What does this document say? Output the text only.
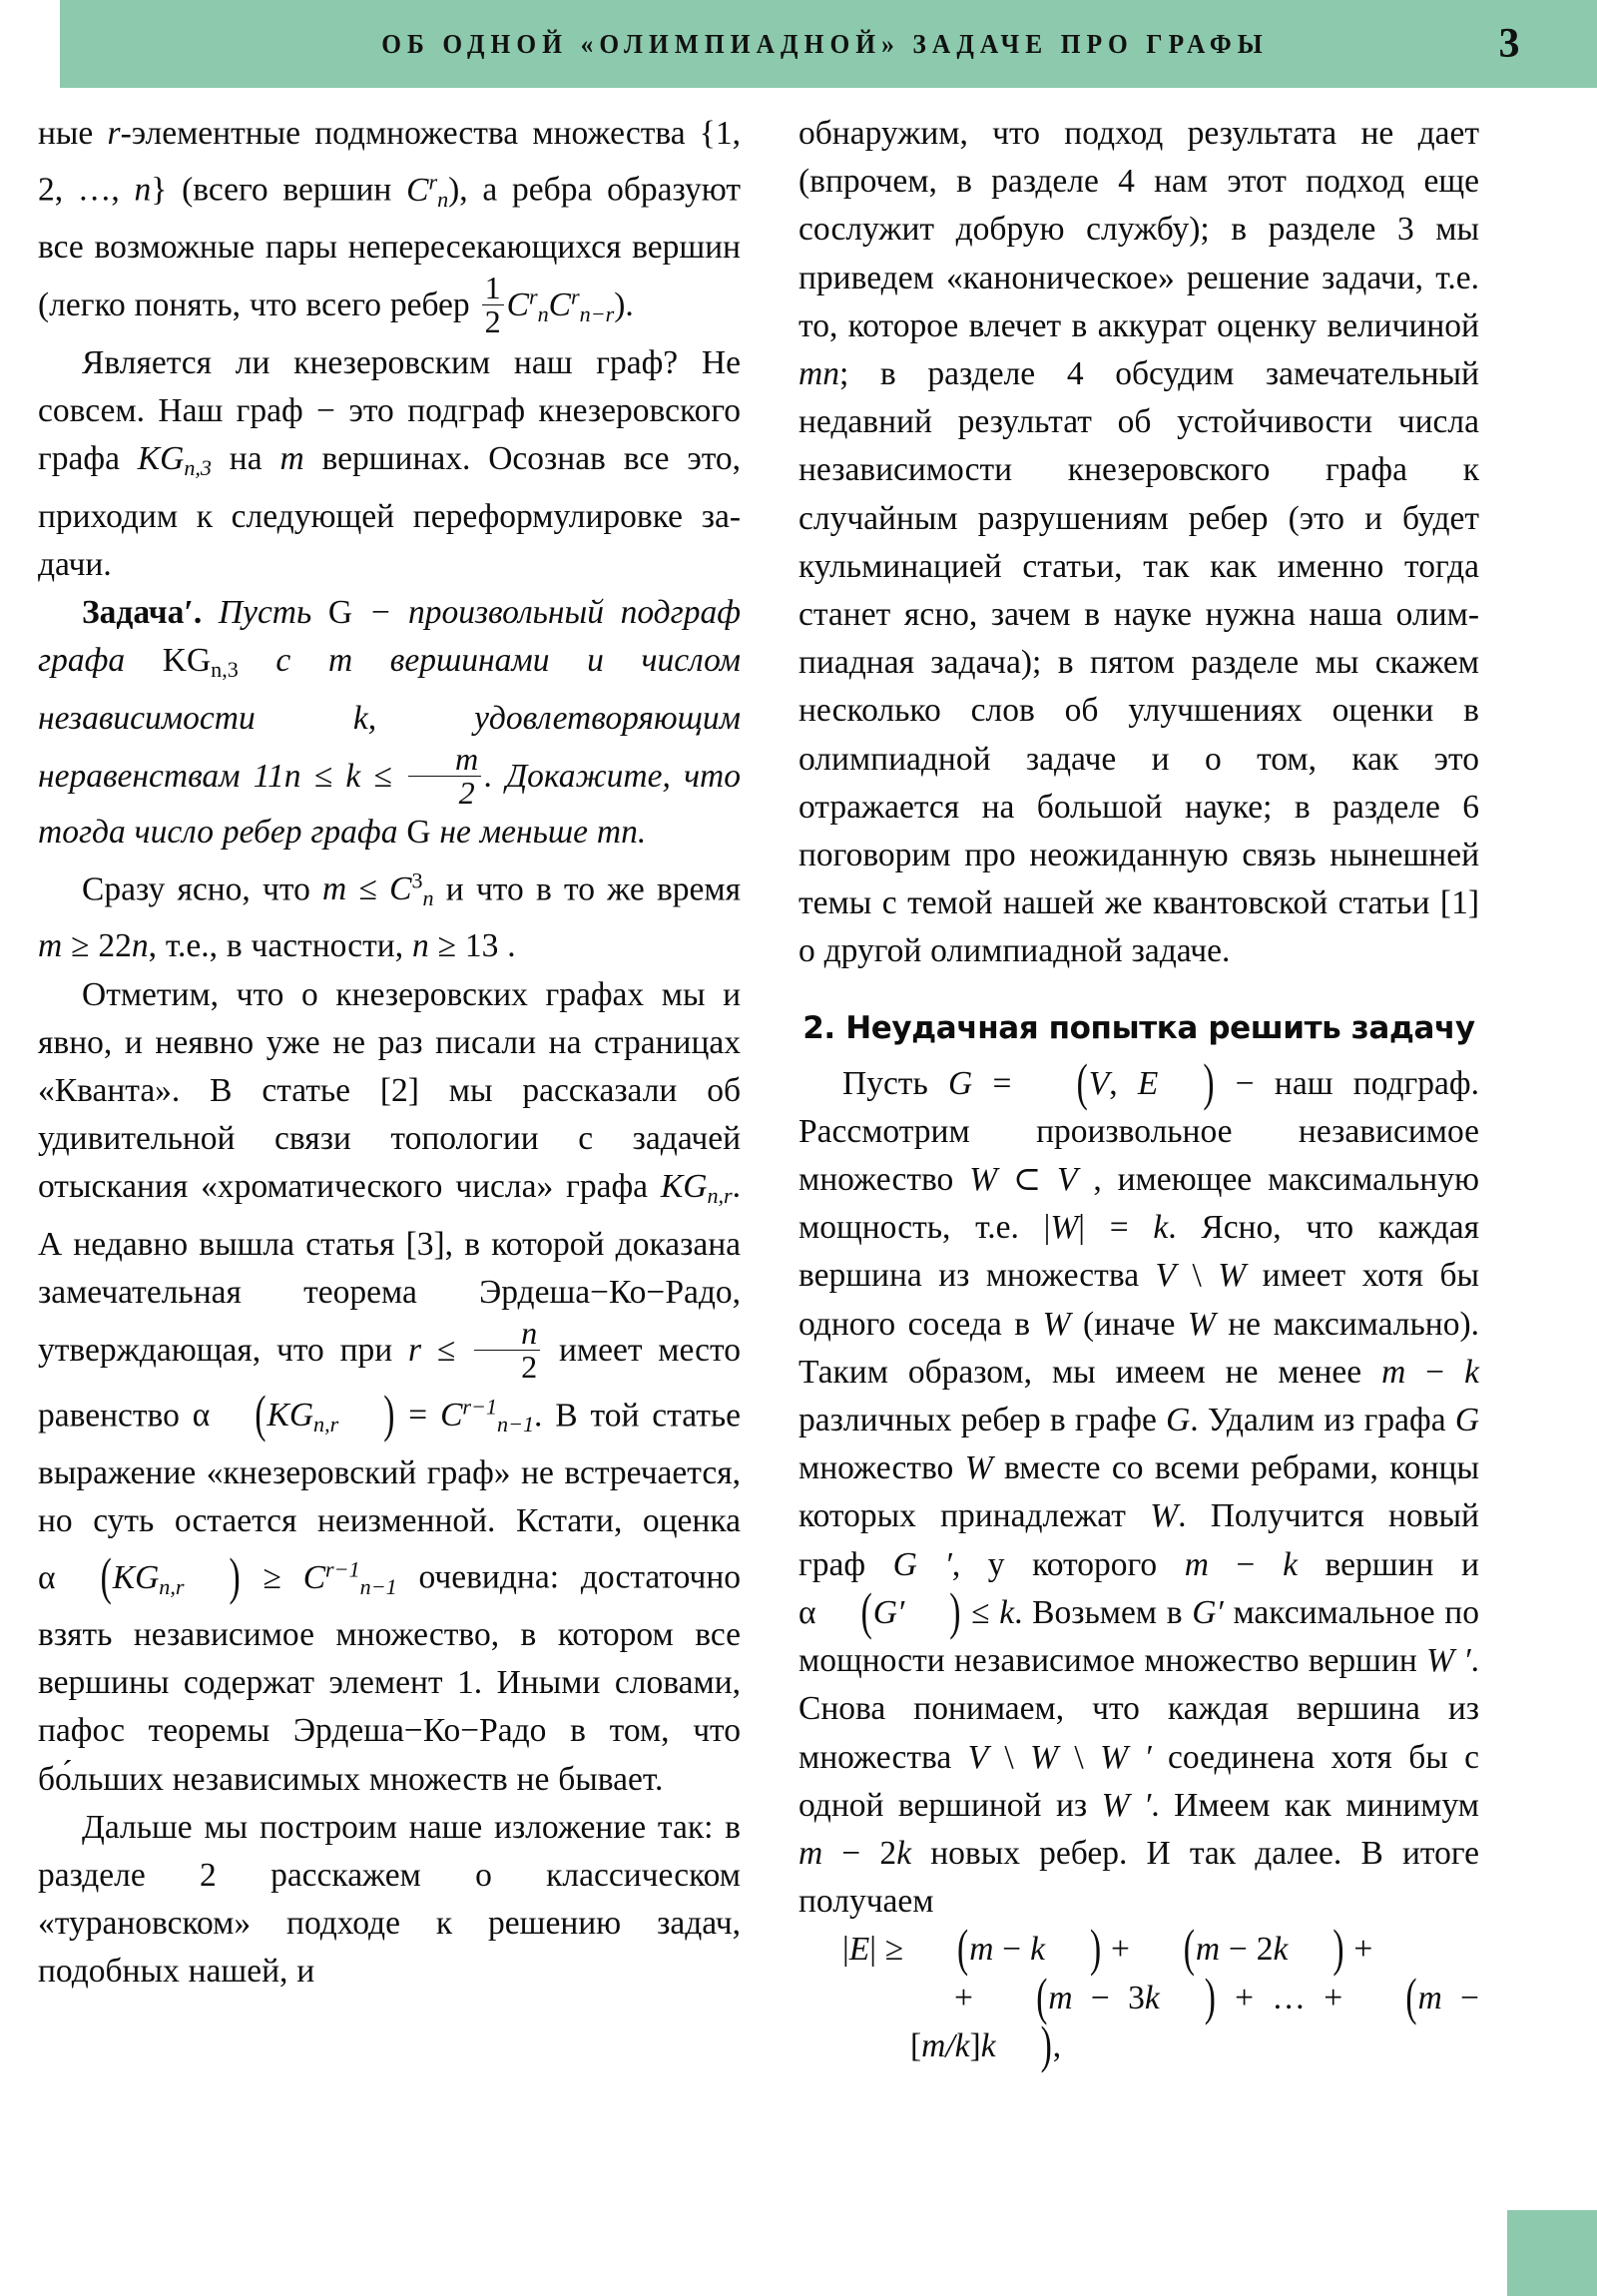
ОБ ОДНОЙ «ОЛИМПИАДНОЙ» ЗАДАЧЕ ПРО ГРАФЫ	3

ные r-элементные подмножества множества {1, 2, …, n} (всего вершин $C^r_n$), а ребра образуют все возможные пары непересекающихся вершин (легко понять, что всего ребер $\frac{1}{2} C^r_nC^r_{n-r}$).

Является ли кнезеровским наш граф? Не совсем. Наш граф − это подграф кнезеровского графа $KG_{n,3}$ на m вершинах. Осознав все это, приходим к следующей переформулировке задачи.

Задача′. Пусть G − произвольный подграф графа KGn,3 с m вершинами и числом независимости k, удовлетворяющим неравенствам $11n \le k \le \frac{m}{2}$ . Докажите, что тогда число ребер графа G не меньше mn.

Сразу ясно, что $m \le C^3_n$ и что в то же время m ≥ 22n, т.е., в частности, n ≥ 13 .

Отметим, что о кнезеровских графах мы и явно, и неявно уже не раз писали на страницах «Кванта». В статье [2] мы рассказали об удивительной связи топологии с задачей отыскания «хроматического числа» графа $KG_{n,r}$. А недавно вышла статья [3], в которой доказана замечательная теорема Эрдеша−Ко−Радо, утверждающая, что при $r \le \frac{n}{2}$ имеет место равенство α ($KG_{n,r}$ ) = $C^{r-1}_{n-1}$. В той статье выражение «кнезеровский граф» не встречается, но суть остается неизменной. Кстати, оценка α ($KG_{n,r}$ ) ≥ $C^{r-1}_{n-1}$ очевидна: достаточно взять независимое множество, в котором все вершины содержат элемент 1. Иными словами, пафос теоремы Эрдеша−Ко−Радо в том, что бо́льших независимых множеств не бывает.

Дальше мы построим наше изложение так: в разделе 2 расскажем о классическом «турановском» подходе к решению задач, подобных нашей, и

обнаружим, что подход результата не дает (впрочем, в разделе 4 нам этот подход еще сослужит добрую службу); в разделе 3 мы приведем «каноническое» решение задачи, т.е. то, которое влечет в аккурат оценку величиной mn; в разделе 4 обсудим замечательный недавний результат об устойчивости числа независимости кнезеровского графа к случайным разрушениям ребер (это и будет кульминацией статьи, так как именно тогда станет ясно, зачем в науке нужна наша олимпиадная задача); в пятом разделе мы скажем несколько слов об улучшениях оценки в олимпиадной задаче и о том, как это отражается на большой науке; в разделе 6 поговорим про неожиданную связь нынешней темы с темой нашей же квантовской статьи [1] о другой олимпиадной задаче.

2. Неудачная попытка решить задачу

Пусть G = (V, E ) − наш подграф. Рассмотрим произвольное независимое множество W ⊂ V , имеющее максимальную мощность, т.е. |W| = k. Ясно, что каждая вершина из множества V \ W имеет хотя бы одного соседа в W (иначе W не максимально). Таким образом, мы имеем не менее m − k различных ребер в графе G. Удалим из графа G множество W вместе со всеми ребрами, концы которых принадлежат W. Получится новый граф G ′, у которого m − k вершин и α (G′ ) ≤ k. Возьмем в G′ максимальное по мощности независимое множество вершин W ′. Снова понимаем, что каждая вершина из множества V \ W \ W ′ соединена хотя бы с одной вершиной из W ′. Имеем как минимум m − 2k новых ребер. И так далее. В итоге получаем

|E| ≥ (m − k ) + (m − 2k ) +

+ (m − 3k ) + … + (m − [m/k]k ),
